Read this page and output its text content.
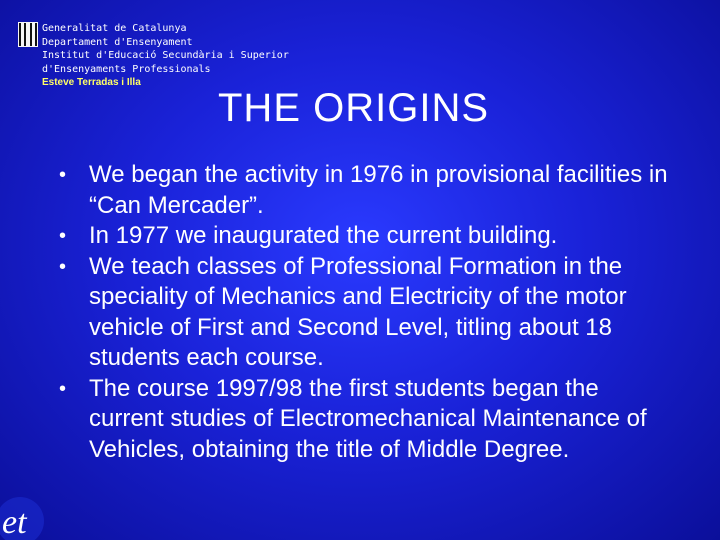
Generalitat de Catalunya
Departament d'Ensenyament
Institut d'Educació Secundària i Superior
d'Ensenyaments Professionals
Esteve Terradas i Illa
THE ORIGINS
• We began the activity in 1976 in provisional facilities in “Can Mercader”.
• In 1977 we inaugurated the current building.
• We teach classes of Professional Formation in the speciality of Mechanics and Electricity of the motor vehicle of First and Second Level, titling about 18 students each course.
• The course 1997/98 the first students began the current studies of Electromechanical Maintenance of Vehicles, obtaining the title of Middle Degree.
et
